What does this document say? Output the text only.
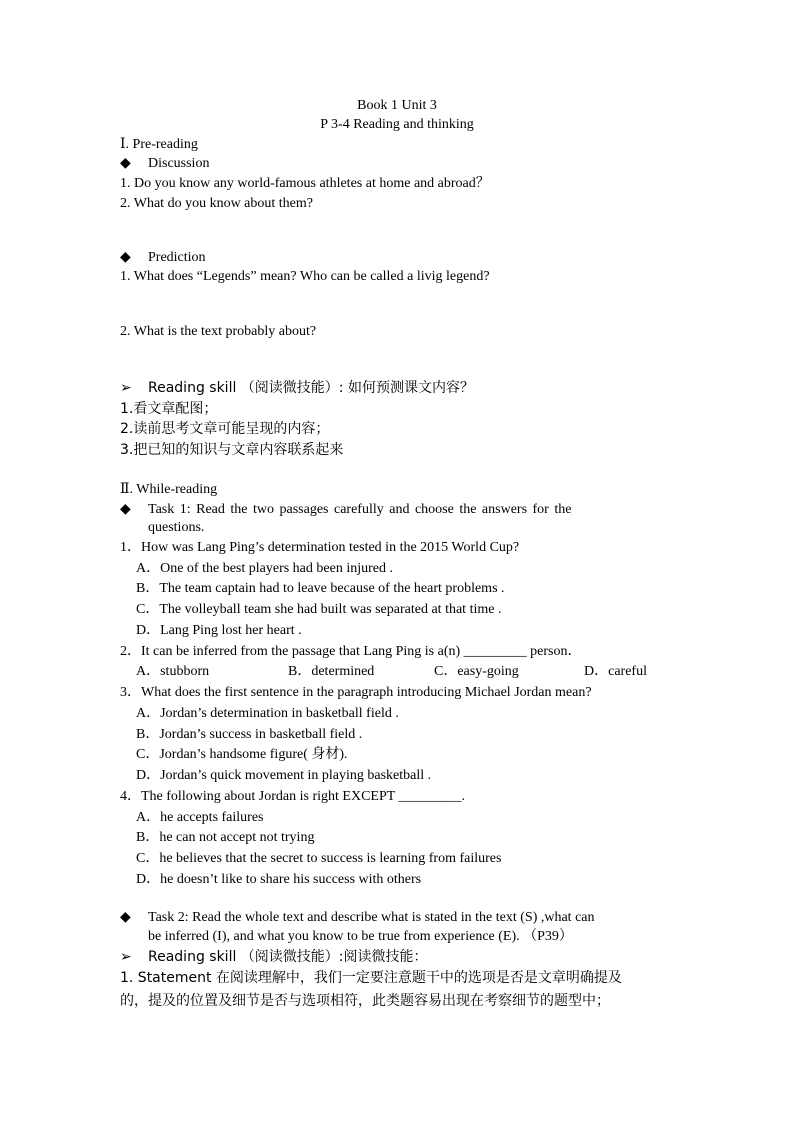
Book 1 Unit 3
P 3-4 Reading and thinking
Ⅰ. Pre-reading
◆ Discussion
1. Do you know any world-famous athletes at home and abroad？
2. What do you know about them?
◆ Prediction
1. What does “Legends” mean? Who can be called a livig legend?
2. What is the text probably about?
➢ Reading skill （阅读微技能）: 如何预测课文内容？
1.看文章配图；
2.读前思考文章可能呈现的内容；
3.把已知的知识与文章内容联系起来
Ⅱ. While-reading
◆ Task 1: Read the two passages carefully and choose the answers for the
questions.
1．How was Lang Ping’s determination tested in the 2015 World Cup?
A．One of the best players had been injured .
B．The team captain had to leave because of the heart problems .
C．The volleyball team she had built was separated at that time .
D．Lang Ping lost her heart .
2．It can be inferred from the passage that Lang Ping is a(n) _________ person．
A．stubborn	B．determined	C．easy-going	D．careful
3．What does the first sentence in the paragraph introducing Michael Jordan mean?
A．Jordan’s determination in basketball field .
B．Jordan’s success in basketball field .
C．Jordan’s handsome figure( 身材).
D．Jordan’s quick movement in playing basketball .
4．The following about Jordan is right EXCEPT _________.
A．he accepts failures
B．he can not accept not trying
C．he believes that the secret to success is learning from failures
D．he doesn’t like to share his success with others
◆ Task 2: Read the whole text and describe what is stated in the text (S) ,what can
be inferred (I), and what you know to be true from experience (E). （P39）
➢ Reading skill （阅读微技能）:阅读微技能：
1. Statement 在阅读理解中，我们一定要注意题干中的选项是否是文章明确提及
的，提及的位置及细节是否与选项相符，此类题容易出现在考察细节的题型中；
